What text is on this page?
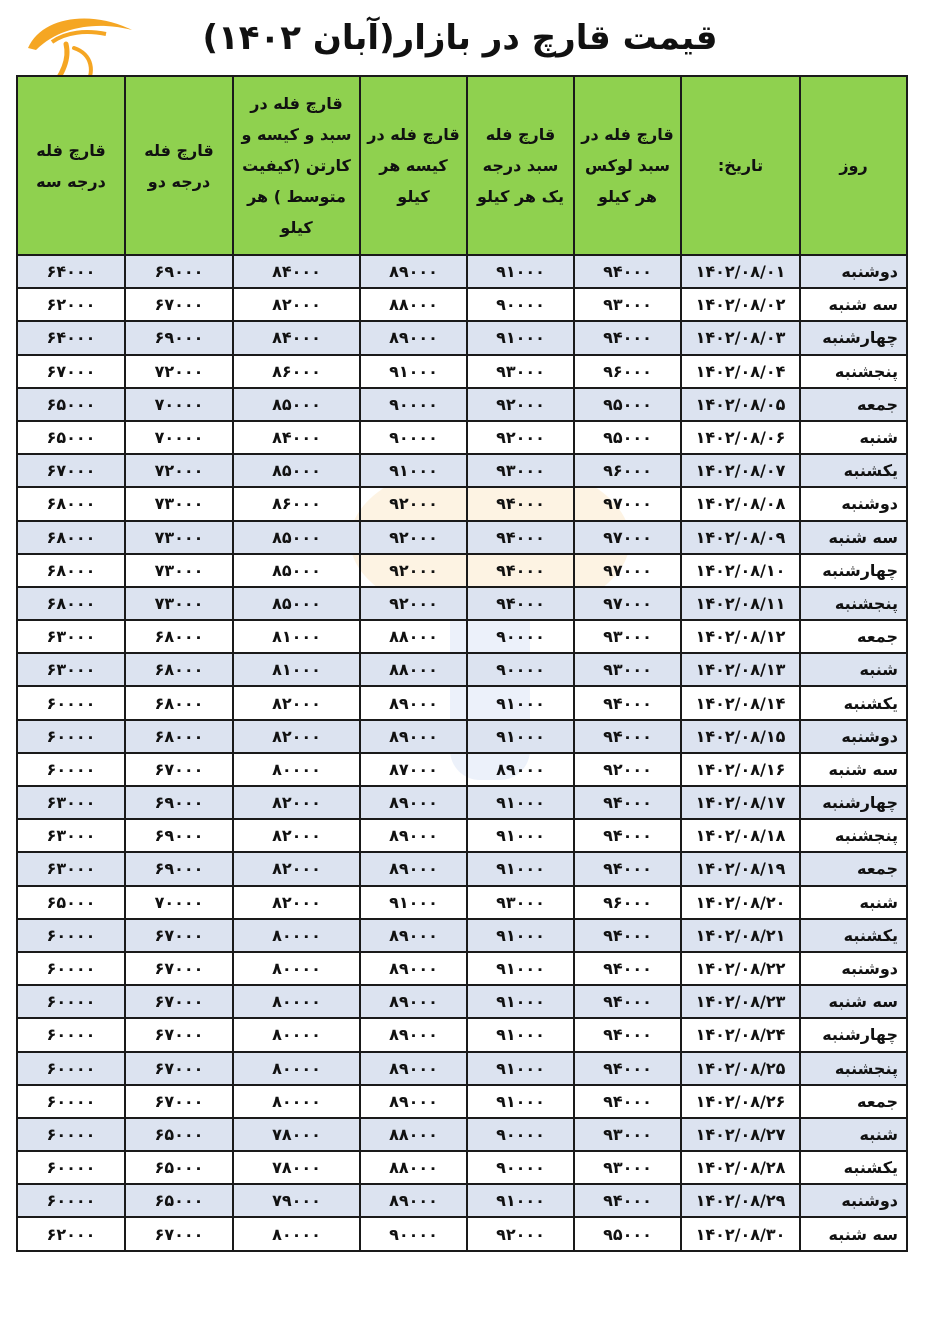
قیمت قارچ در بازار(آبان ۱۴۰۲)
روز	تاریخ:	قارچ فله در سبد لوکس هر کیلو	قارچ فله سبد درجه یک هر کیلو	قارچ فله در کیسه هر کیلو	قارچ فله در سبد و کیسه و کارتن (کیفیت متوسط ) هر کیلو	قارچ فله درجه دو	قارچ فله درجه سه
دوشنبه	۱۴۰۲/۰۸/۰۱	۹۴۰۰۰	۹۱۰۰۰	۸۹۰۰۰	۸۴۰۰۰	۶۹۰۰۰	۶۴۰۰۰
سه شنبه	۱۴۰۲/۰۸/۰۲	۹۳۰۰۰	۹۰۰۰۰	۸۸۰۰۰	۸۲۰۰۰	۶۷۰۰۰	۶۲۰۰۰
چهارشنبه	۱۴۰۲/۰۸/۰۳	۹۴۰۰۰	۹۱۰۰۰	۸۹۰۰۰	۸۴۰۰۰	۶۹۰۰۰	۶۴۰۰۰
پنجشنبه	۱۴۰۲/۰۸/۰۴	۹۶۰۰۰	۹۳۰۰۰	۹۱۰۰۰	۸۶۰۰۰	۷۲۰۰۰	۶۷۰۰۰
جمعه	۱۴۰۲/۰۸/۰۵	۹۵۰۰۰	۹۲۰۰۰	۹۰۰۰۰	۸۵۰۰۰	۷۰۰۰۰	۶۵۰۰۰
شنبه	۱۴۰۲/۰۸/۰۶	۹۵۰۰۰	۹۲۰۰۰	۹۰۰۰۰	۸۴۰۰۰	۷۰۰۰۰	۶۵۰۰۰
یکشنبه	۱۴۰۲/۰۸/۰۷	۹۶۰۰۰	۹۳۰۰۰	۹۱۰۰۰	۸۵۰۰۰	۷۲۰۰۰	۶۷۰۰۰
دوشنبه	۱۴۰۲/۰۸/۰۸	۹۷۰۰۰	۹۴۰۰۰	۹۲۰۰۰	۸۶۰۰۰	۷۳۰۰۰	۶۸۰۰۰
سه شنبه	۱۴۰۲/۰۸/۰۹	۹۷۰۰۰	۹۴۰۰۰	۹۲۰۰۰	۸۵۰۰۰	۷۳۰۰۰	۶۸۰۰۰
چهارشنبه	۱۴۰۲/۰۸/۱۰	۹۷۰۰۰	۹۴۰۰۰	۹۲۰۰۰	۸۵۰۰۰	۷۳۰۰۰	۶۸۰۰۰
پنجشنبه	۱۴۰۲/۰۸/۱۱	۹۷۰۰۰	۹۴۰۰۰	۹۲۰۰۰	۸۵۰۰۰	۷۳۰۰۰	۶۸۰۰۰
جمعه	۱۴۰۲/۰۸/۱۲	۹۳۰۰۰	۹۰۰۰۰	۸۸۰۰۰	۸۱۰۰۰	۶۸۰۰۰	۶۳۰۰۰
شنبه	۱۴۰۲/۰۸/۱۳	۹۳۰۰۰	۹۰۰۰۰	۸۸۰۰۰	۸۱۰۰۰	۶۸۰۰۰	۶۳۰۰۰
یکشنبه	۱۴۰۲/۰۸/۱۴	۹۴۰۰۰	۹۱۰۰۰	۸۹۰۰۰	۸۲۰۰۰	۶۸۰۰۰	۶۰۰۰۰
دوشنبه	۱۴۰۲/۰۸/۱۵	۹۴۰۰۰	۹۱۰۰۰	۸۹۰۰۰	۸۲۰۰۰	۶۸۰۰۰	۶۰۰۰۰
سه شنبه	۱۴۰۲/۰۸/۱۶	۹۲۰۰۰	۸۹۰۰۰	۸۷۰۰۰	۸۰۰۰۰	۶۷۰۰۰	۶۰۰۰۰
چهارشنبه	۱۴۰۲/۰۸/۱۷	۹۴۰۰۰	۹۱۰۰۰	۸۹۰۰۰	۸۲۰۰۰	۶۹۰۰۰	۶۳۰۰۰
پنجشنبه	۱۴۰۲/۰۸/۱۸	۹۴۰۰۰	۹۱۰۰۰	۸۹۰۰۰	۸۲۰۰۰	۶۹۰۰۰	۶۳۰۰۰
جمعه	۱۴۰۲/۰۸/۱۹	۹۴۰۰۰	۹۱۰۰۰	۸۹۰۰۰	۸۲۰۰۰	۶۹۰۰۰	۶۳۰۰۰
شنبه	۱۴۰۲/۰۸/۲۰	۹۶۰۰۰	۹۳۰۰۰	۹۱۰۰۰	۸۲۰۰۰	۷۰۰۰۰	۶۵۰۰۰
یکشنبه	۱۴۰۲/۰۸/۲۱	۹۴۰۰۰	۹۱۰۰۰	۸۹۰۰۰	۸۰۰۰۰	۶۷۰۰۰	۶۰۰۰۰
دوشنبه	۱۴۰۲/۰۸/۲۲	۹۴۰۰۰	۹۱۰۰۰	۸۹۰۰۰	۸۰۰۰۰	۶۷۰۰۰	۶۰۰۰۰
سه شنبه	۱۴۰۲/۰۸/۲۳	۹۴۰۰۰	۹۱۰۰۰	۸۹۰۰۰	۸۰۰۰۰	۶۷۰۰۰	۶۰۰۰۰
چهارشنبه	۱۴۰۲/۰۸/۲۴	۹۴۰۰۰	۹۱۰۰۰	۸۹۰۰۰	۸۰۰۰۰	۶۷۰۰۰	۶۰۰۰۰
پنجشنبه	۱۴۰۲/۰۸/۲۵	۹۴۰۰۰	۹۱۰۰۰	۸۹۰۰۰	۸۰۰۰۰	۶۷۰۰۰	۶۰۰۰۰
جمعه	۱۴۰۲/۰۸/۲۶	۹۴۰۰۰	۹۱۰۰۰	۸۹۰۰۰	۸۰۰۰۰	۶۷۰۰۰	۶۰۰۰۰
شنبه	۱۴۰۲/۰۸/۲۷	۹۳۰۰۰	۹۰۰۰۰	۸۸۰۰۰	۷۸۰۰۰	۶۵۰۰۰	۶۰۰۰۰
یکشنبه	۱۴۰۲/۰۸/۲۸	۹۳۰۰۰	۹۰۰۰۰	۸۸۰۰۰	۷۸۰۰۰	۶۵۰۰۰	۶۰۰۰۰
دوشنبه	۱۴۰۲/۰۸/۲۹	۹۴۰۰۰	۹۱۰۰۰	۸۹۰۰۰	۷۹۰۰۰	۶۵۰۰۰	۶۰۰۰۰
سه شنبه	۱۴۰۲/۰۸/۳۰	۹۵۰۰۰	۹۲۰۰۰	۹۰۰۰۰	۸۰۰۰۰	۶۷۰۰۰	۶۲۰۰۰
